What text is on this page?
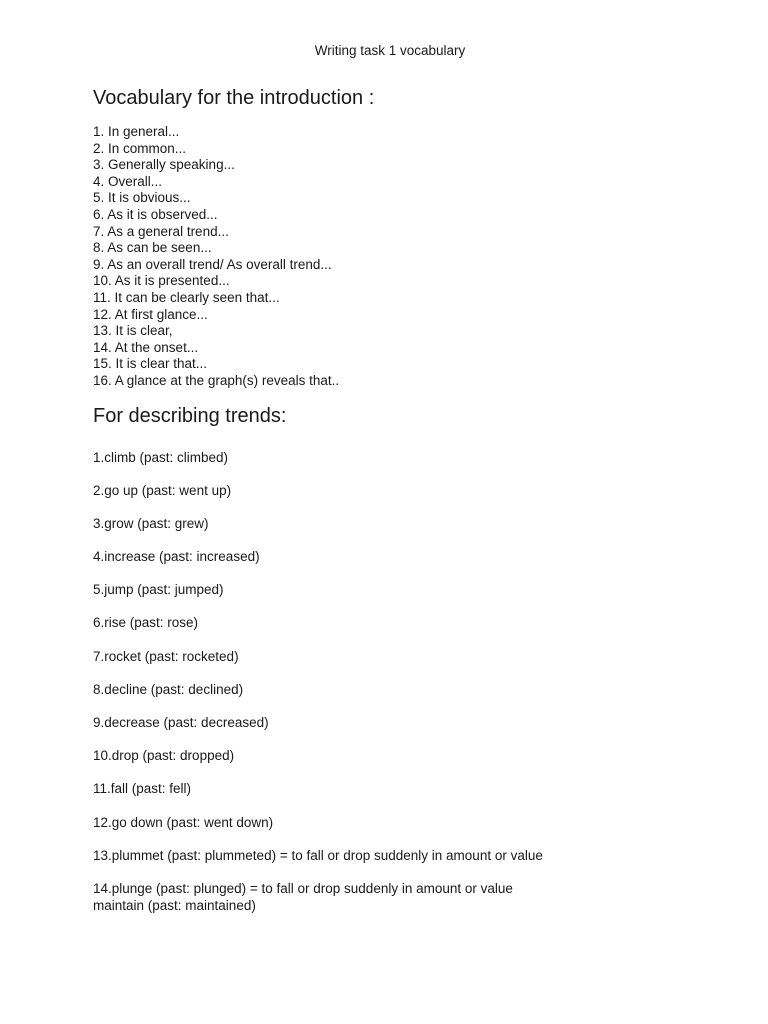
Writing task 1 vocabulary
Vocabulary for the introduction :
1. In general...
2. In common...
3. Generally speaking...
4. Overall...
5. It is obvious...
6. As it is observed...
7. As a general trend...
8. As can be seen...
9. As an overall trend/ As overall trend...
10. As it is presented...
11. It can be clearly seen that...
12. At first glance...
13. It is clear,
14. At the onset...
15. It is clear that...
16. A glance at the graph(s) reveals that..
For describing trends:
1.climb (past: climbed)
2.go up (past: went up)
3.grow (past: grew)
4.increase (past: increased)
5.jump (past: jumped)
6.rise (past: rose)
7.rocket (past: rocketed)
8.decline (past: declined)
9.decrease (past: decreased)
10.drop (past: dropped)
11.fall (past: fell)
12.go down (past: went down)
13.plummet (past: plummeted) = to fall or drop suddenly in amount or value
14.plunge (past: plunged) = to fall or drop suddenly in amount or value
maintain (past: maintained)
